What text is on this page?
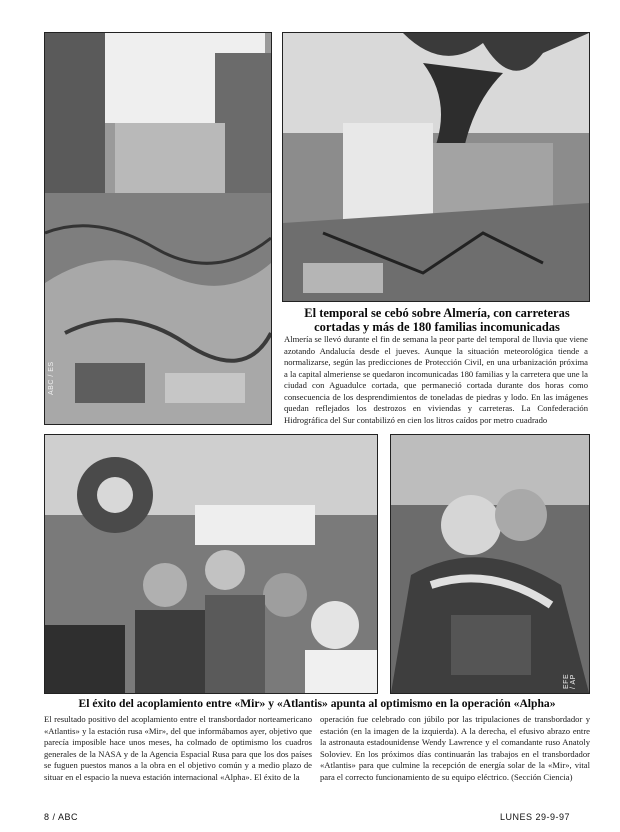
ABC / ES
El temporal se cebó sobre Almería, con carreteras cortadas y más de 180 familias incomunicadas
Almería se llevó durante el fin de semana la peor parte del temporal de lluvia que viene azotando Andalucía desde el jueves. Aunque la situación meteorológica tiende a normalizarse, según las predicciones de Protección Civil, en una urbanización próxima a la capital almeriense se quedaron incomunicadas 180 familias y la carretera que une la ciudad con Aguadulce cortada, que permaneció cortada durante dos horas como consecuencia de los desprendimientos de toneladas de piedras y lodo. En las imágenes quedan reflejados los destrozos en viviendas y carreteras. La Confederación Hidrográfica del Sur contabilizó en cien los litros caídos por metro cuadrado
EFE / AP
El éxito del acoplamiento entre «Mir» y «Atlantis» apunta al optimismo en la operación «Alpha»
El resultado positivo del acoplamiento entre el transbordador norteamericano «Atlantis» y la estación rusa «Mir», del que informábamos ayer, objetivo que parecía imposible hace unos meses, ha colmado de optimismo los cuadros generales de la NASA y de la Agencia Espacial Rusa para que los dos países se fuguen puestos manos a la obra en el objetivo común y a medio plazo de situar en el espacio la nueva estación internacional «Alpha». El éxito de la
operación fue celebrado con júbilo por las tripulaciones de transbordador y estación (en la imagen de la izquierda). A la derecha, el efusivo abrazo entre la astronauta estadounidense Wendy Lawrence y el comandante ruso Anatoly Soloviev. En los próximos días continuarán las trabajos en el transbordador «Atlantis» para que culmine la recepción de energía solar de la «Mir», vital para el correcto funcionamiento de su equipo eléctrico. (Sección Ciencia)
8 / ABC	LUNES 29-9-97
